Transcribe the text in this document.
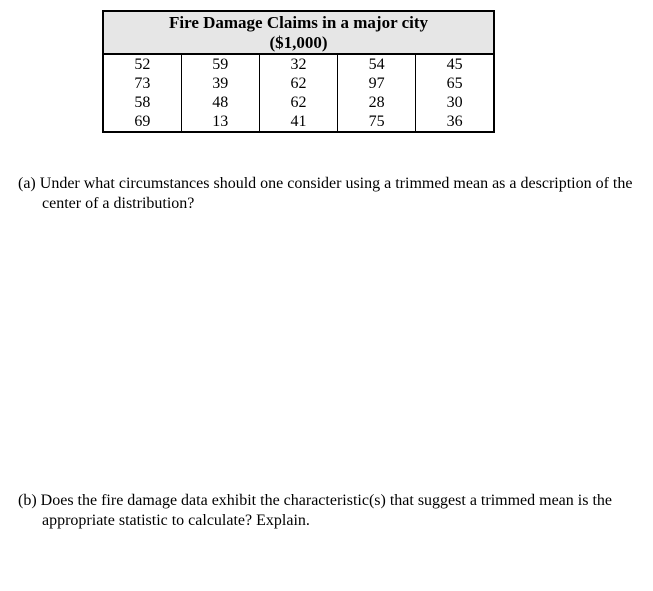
Fire Damage Claims in a major city
($1,000)				
52	59	32	54	45
73	39	62	97	65
58	48	62	28	30
69	13	41	75	36

(a) Under what circumstances should one consider using a trimmed mean as a description of the center of a distribution?

(b) Does the fire damage data exhibit the characteristic(s) that suggest a trimmed mean is the appropriate statistic to calculate? Explain.
